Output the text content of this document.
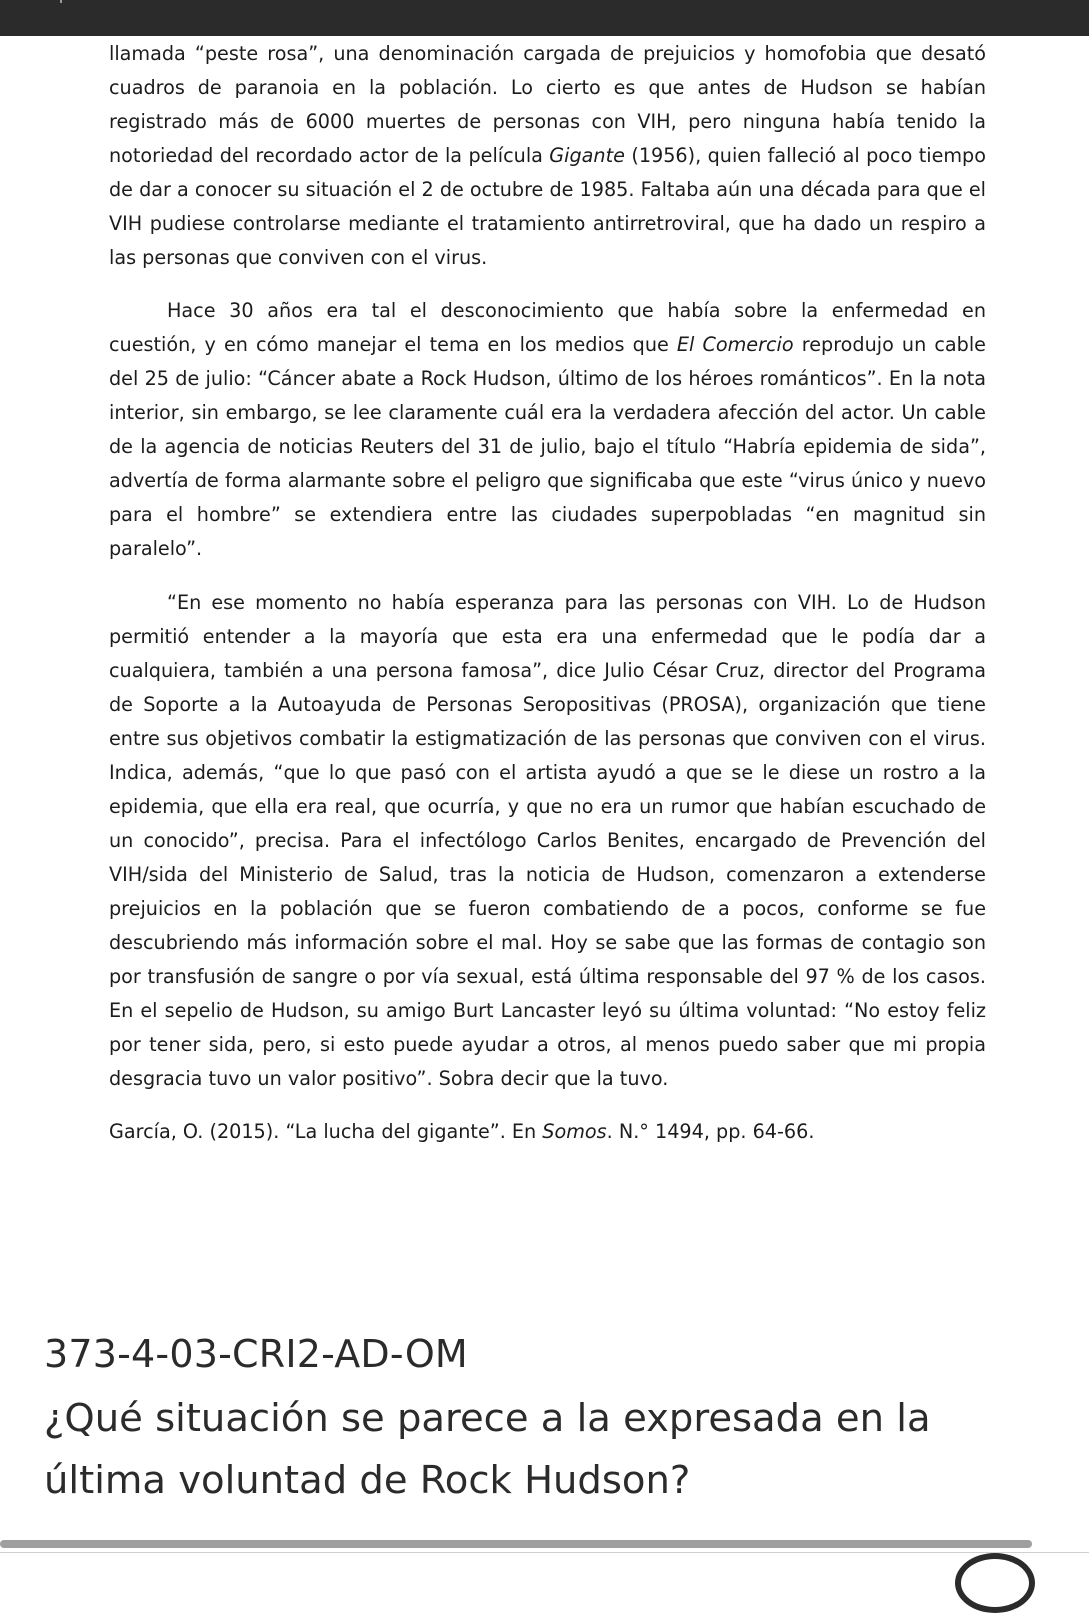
llamada “peste rosa”, una denominación cargada de prejuicios y homofobia que desató cuadros de paranoia en la población. Lo cierto es que antes de Hudson se habían registrado más de 6000 muertes de personas con VIH, pero ninguna había tenido la notoriedad del recordado actor de la película Gigante (1956), quien falleció al poco tiempo de dar a conocer su situación el 2 de octubre de 1985. Faltaba aún una década para que el VIH pudiese controlarse mediante el tratamiento antirretroviral, que ha dado un respiro a las personas que conviven con el virus.

Hace 30 años era tal el desconocimiento que había sobre la enfermedad en cuestión, y en cómo manejar el tema en los medios que El Comercio reprodujo un cable del 25 de julio: “Cáncer abate a Rock Hudson, último de los héroes románticos”. En la nota interior, sin embargo, se lee claramente cuál era la verdadera afección del actor. Un cable de la agencia de noticias Reuters del 31 de julio, bajo el título “Habría epidemia de sida”, advertía de forma alarmante sobre el peligro que significaba que este “virus único y nuevo para el hombre” se extendiera entre las ciudades superpobladas “en magnitud sin paralelo”.

“En ese momento no había esperanza para las personas con VIH. Lo de Hudson permitió entender a la mayoría que esta era una enfermedad que le podía dar a cualquiera, también a una persona famosa”, dice Julio César Cruz, director del Programa de Soporte a la Autoayuda de Personas Seropositivas (PROSA), organización que tiene entre sus objetivos combatir la estigmatización de las personas que conviven con el virus. Indica, además, “que lo que pasó con el artista ayudó a que se le diese un rostro a la epidemia, que ella era real, que ocurría, y que no era un rumor que habían escuchado de un conocido”, precisa. Para el infectólogo Carlos Benites, encargado de Prevención del VIH/sida del Ministerio de Salud, tras la noticia de Hudson, comenzaron a extenderse prejuicios en la población que se fueron combatiendo de a pocos, conforme se fue descubriendo más información sobre el mal. Hoy se sabe que las formas de contagio son por transfusión de sangre o por vía sexual, está última responsable del 97 % de los casos. En el sepelio de Hudson, su amigo Burt Lancaster leyó su última voluntad: “No estoy feliz por tener sida, pero, si esto puede ayudar a otros, al menos puedo saber que mi propia desgracia tuvo un valor positivo”. Sobra decir que la tuvo.

García, O. (2015). “La lucha del gigante”. En Somos. N.° 1494, pp. 64-66.

373-4-03-CRI2-AD-OM
¿Qué situación se parece a la expresada en la última voluntad de Rock Hudson?
